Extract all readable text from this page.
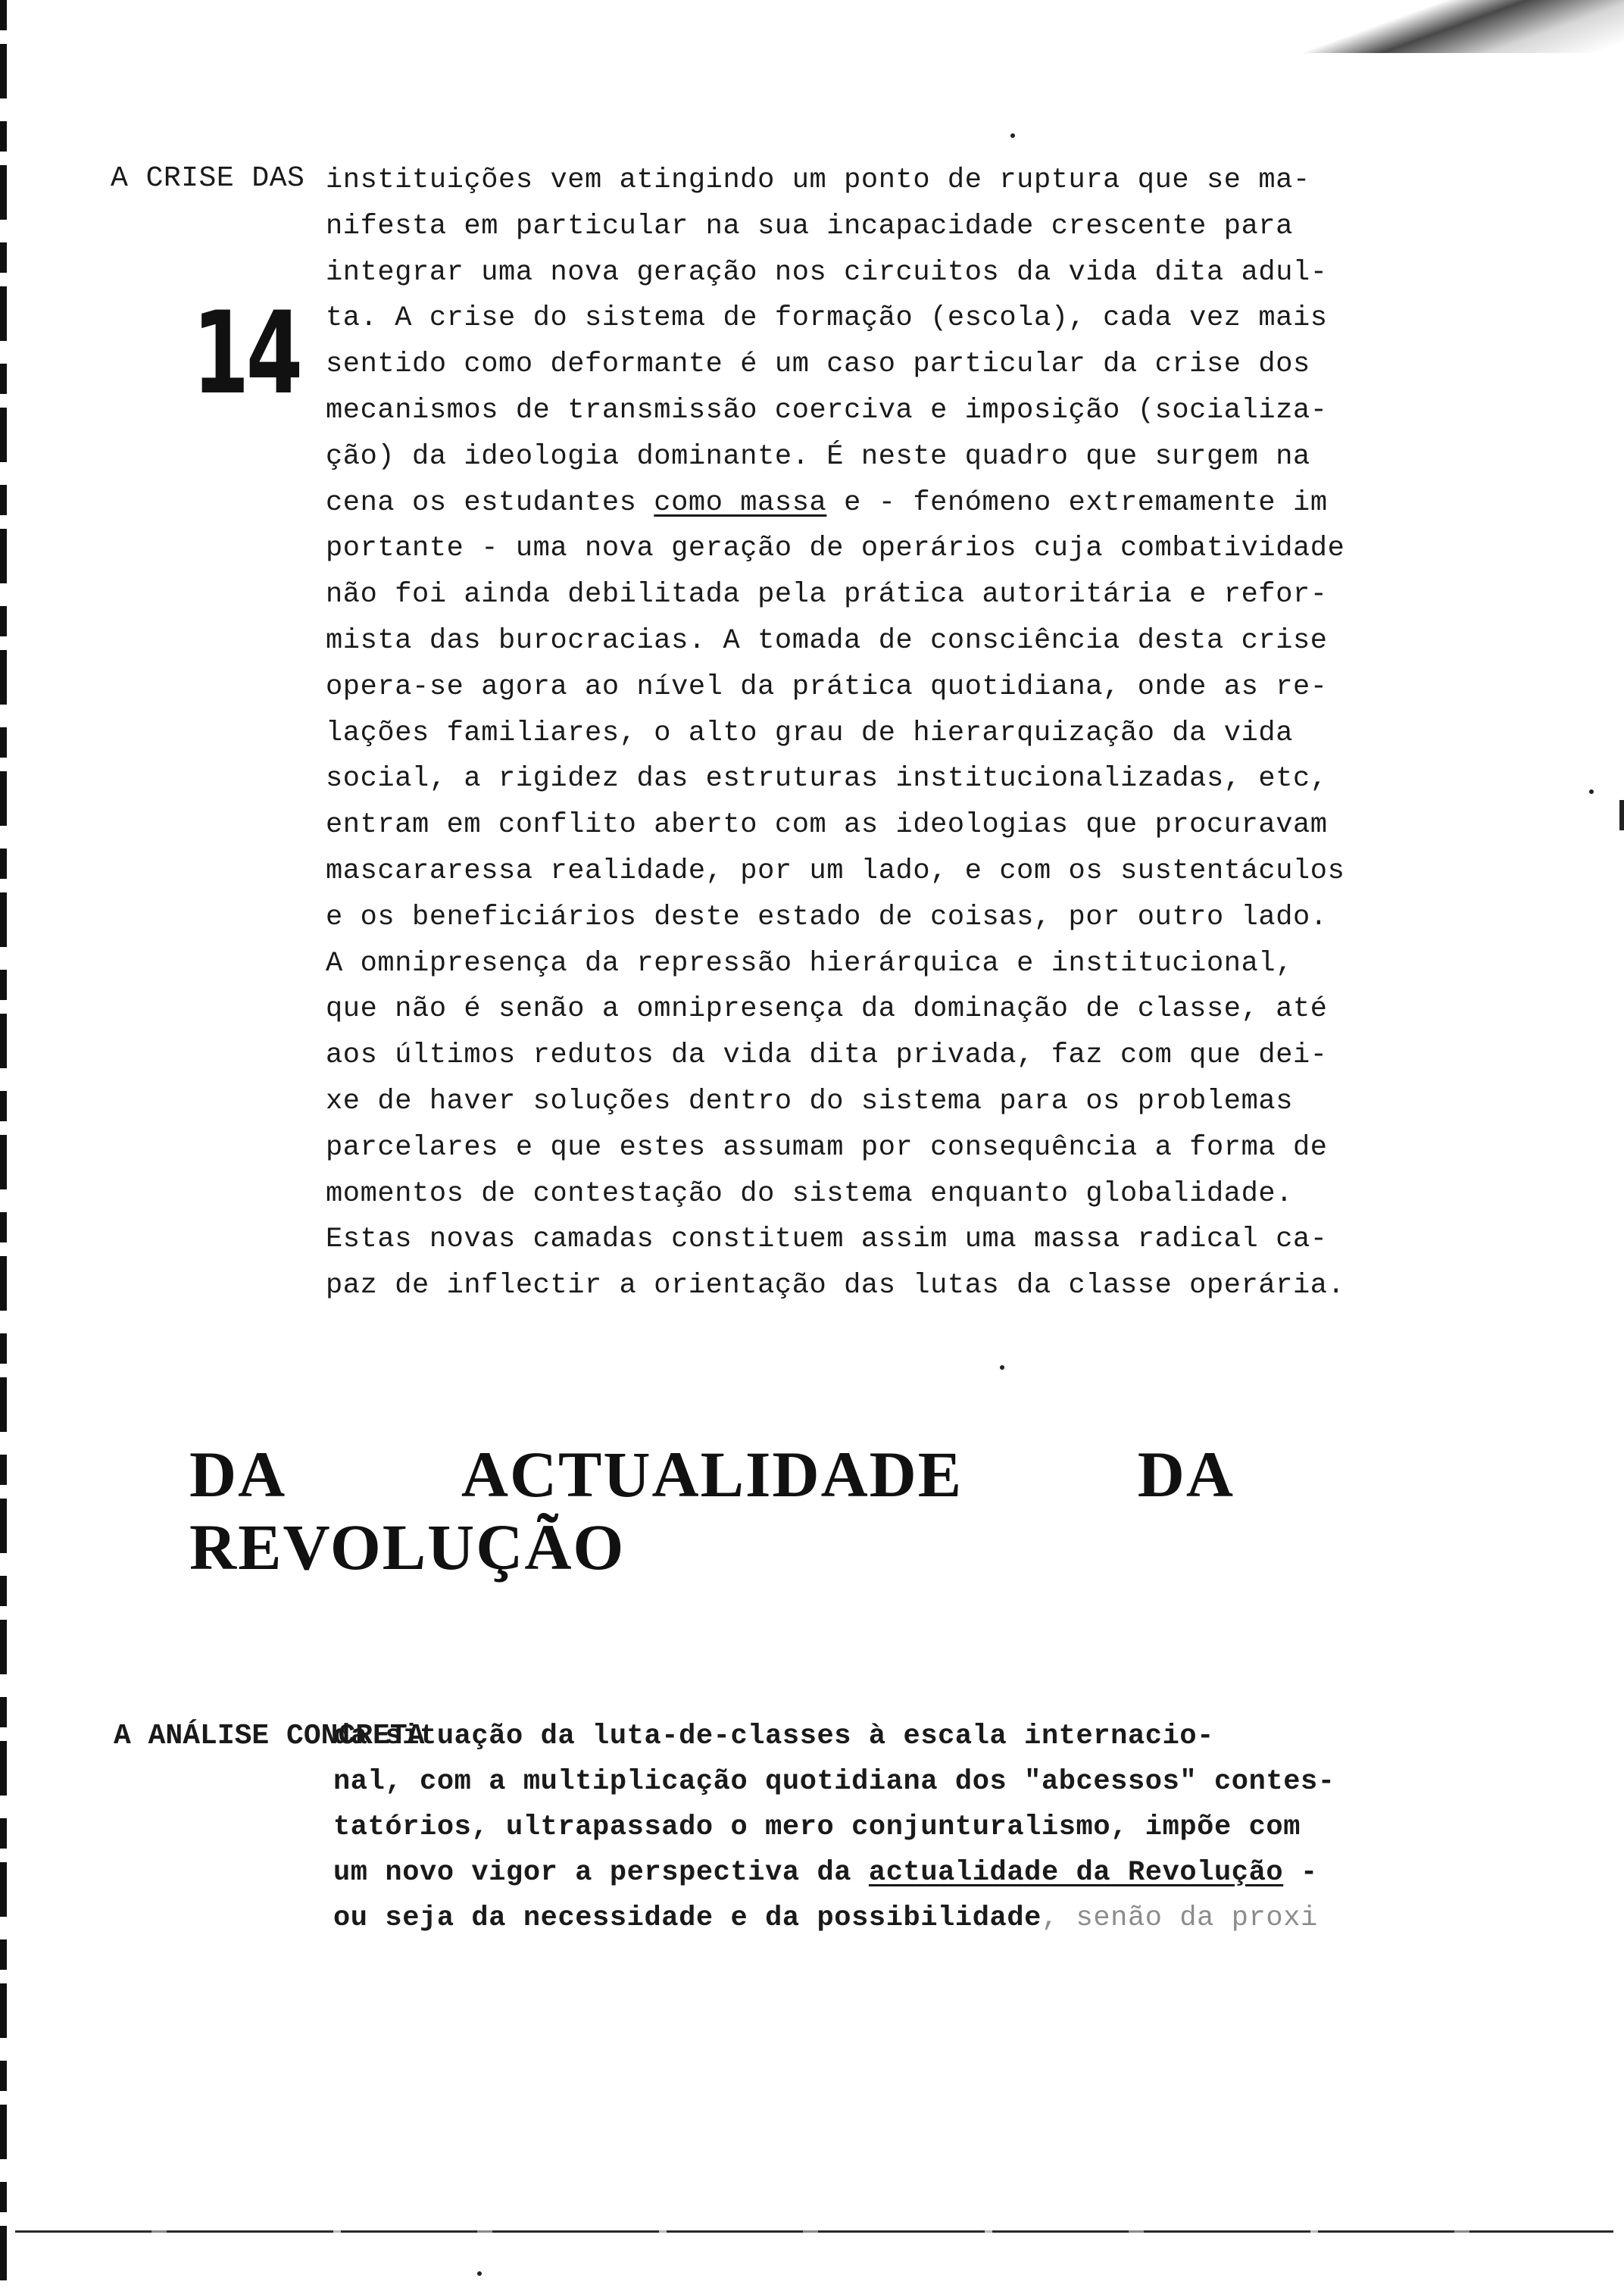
A CRISE DAS
14
instituições vem atingindo um ponto de ruptura que se ma-
nifesta em particular na sua incapacidade crescente para
integrar uma nova geração nos circuitos da vida dita adul-
ta. A crise do sistema de formação (escola), cada vez mais
sentido como deformante é um caso particular da crise dos
mecanismos de transmissão coerciva e imposição (socializa-
ção) da ideologia dominante. É neste quadro que surgem na
cena os estudantes como massa e - fenómeno extremamente im
portante - uma nova geração de operários cuja combatividade
não foi ainda debilitada pela prática autoritária e refor-
mista das burocracias. A tomada de consciência desta crise
opera-se agora ao nível da prática quotidiana, onde as re-
lações familiares, o alto grau de hierarquização da vida
social, a rigidez das estruturas institucionalizadas, etc,
entram em conflito aberto com as ideologias que procuravam
mascararessa realidade, por um lado, e com os sustentáculos
e os beneficiários deste estado de coisas, por outro lado.
A omnipresença da repressão hierárquica e institucional,
que não é senão a omnipresença da dominação de classe, até
aos últimos redutos da vida dita privada, faz com que dei-
xe de haver soluções dentro do sistema para os problemas
parcelares e que estes assumam por consequência a forma de
momentos de contestação do sistema enquanto globalidade.
Estas novas camadas constituem assim uma massa radical ca-
paz de inflectir a orientação das lutas da classe operária.
DA	ACTUALIDADE	DA
REVOLUÇÃO
A ANÁLISE CONCRETA
da situação da luta-de-classes à escala internacio-
nal, com a multiplicação quotidiana dos "abcessos" contes-
tatórios, ultrapassado o mero conjunturalismo, impõe com
um novo vigor a perspectiva da actualidade da Revolução -
ou seja da necessidade e da possibilidade, senão da proxi
